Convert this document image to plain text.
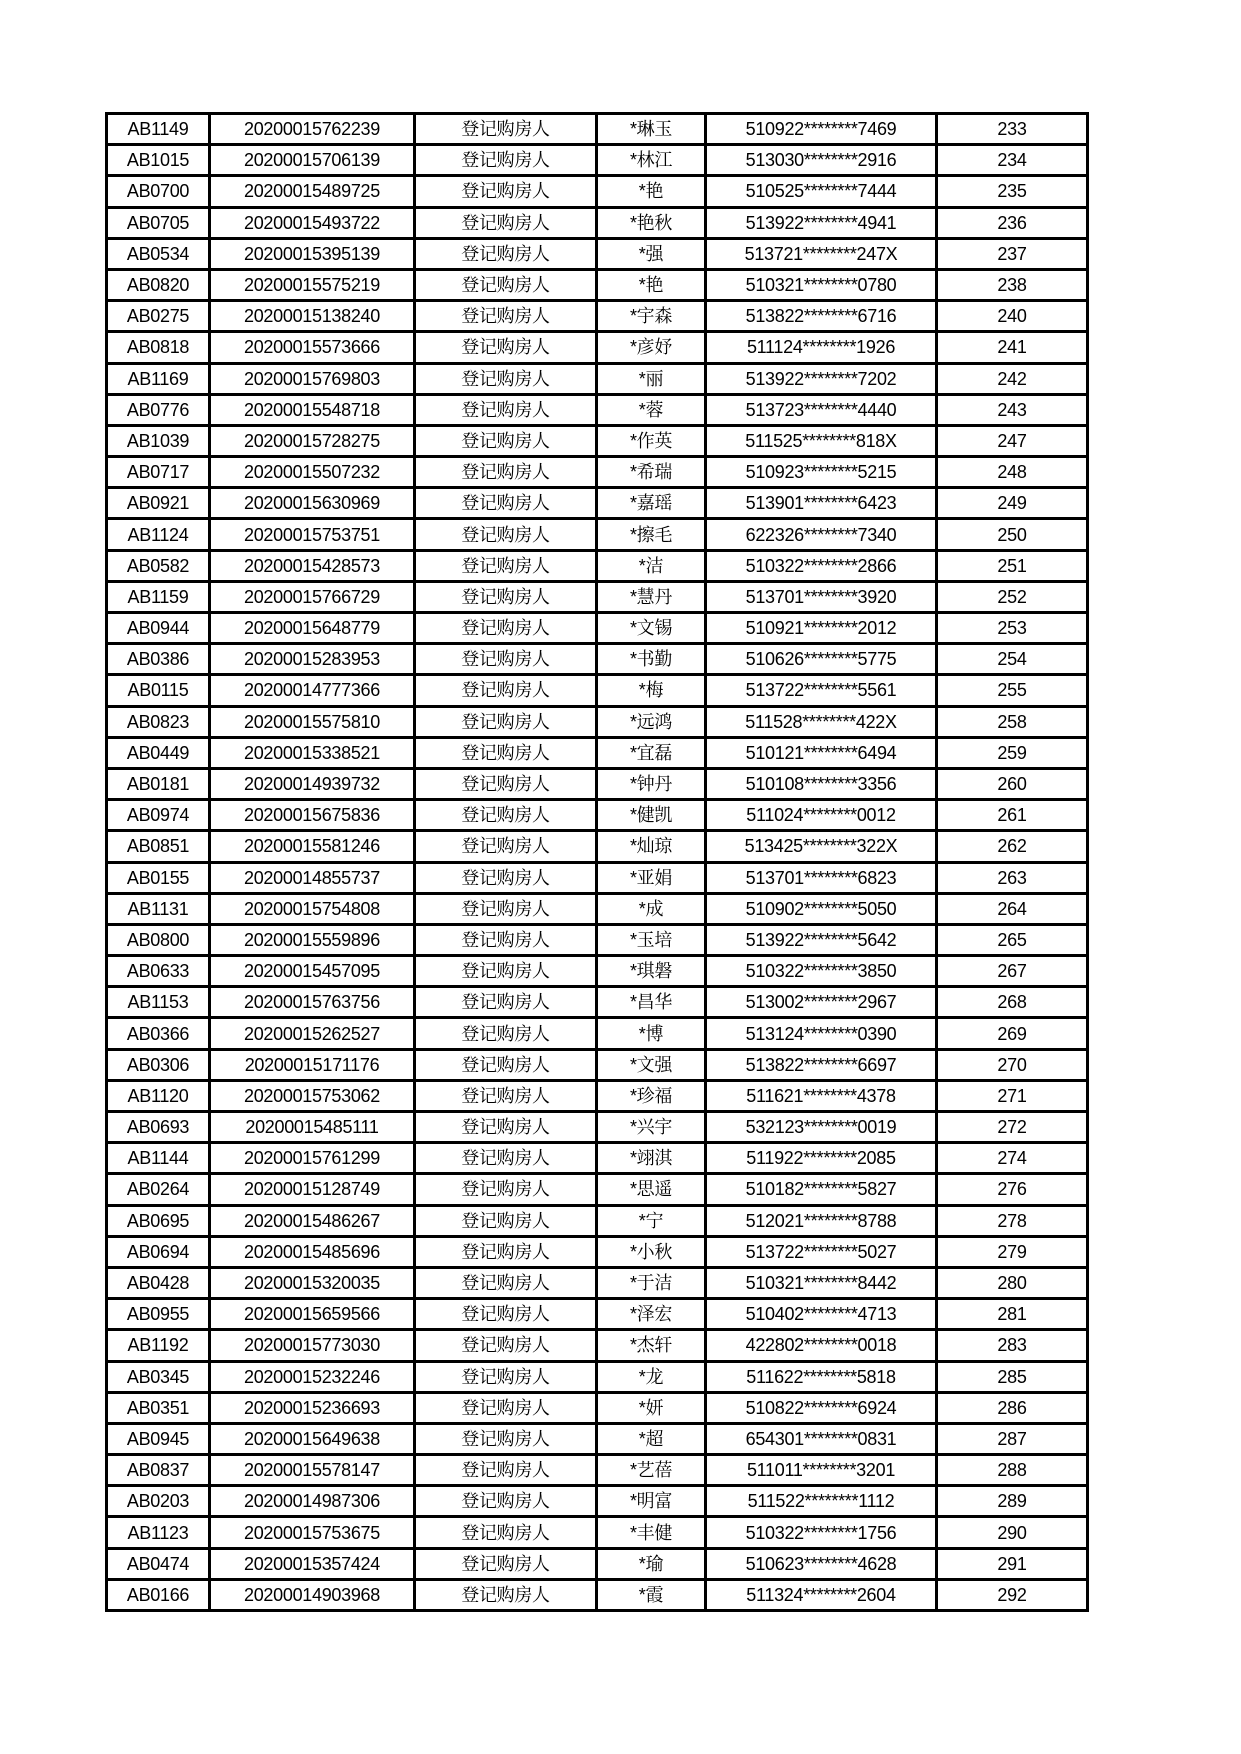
AB1149	20200015762239	登记购房人	*琳玉	510922********7469	233
AB1015	20200015706139	登记购房人	*林江	513030********2916	234
AB0700	20200015489725	登记购房人	*艳	510525********7444	235
AB0705	20200015493722	登记购房人	*艳秋	513922********4941	236
AB0534	20200015395139	登记购房人	*强	513721********247X	237
AB0820	20200015575219	登记购房人	*艳	510321********0780	238
AB0275	20200015138240	登记购房人	*宇森	513822********6716	240
AB0818	20200015573666	登记购房人	*彦妤	511124********1926	241
AB1169	20200015769803	登记购房人	*丽	513922********7202	242
AB0776	20200015548718	登记购房人	*蓉	513723********4440	243
AB1039	20200015728275	登记购房人	*作英	511525********818X	247
AB0717	20200015507232	登记购房人	*希瑞	510923********5215	248
AB0921	20200015630969	登记购房人	*嘉瑶	513901********6423	249
AB1124	20200015753751	登记购房人	*擦毛	622326********7340	250
AB0582	20200015428573	登记购房人	*洁	510322********2866	251
AB1159	20200015766729	登记购房人	*慧丹	513701********3920	252
AB0944	20200015648779	登记购房人	*文锡	510921********2012	253
AB0386	20200015283953	登记购房人	*书勤	510626********5775	254
AB0115	20200014777366	登记购房人	*梅	513722********5561	255
AB0823	20200015575810	登记购房人	*远鸿	511528********422X	258
AB0449	20200015338521	登记购房人	*宜磊	510121********6494	259
AB0181	20200014939732	登记购房人	*钟丹	510108********3356	260
AB0974	20200015675836	登记购房人	*健凯	511024********0012	261
AB0851	20200015581246	登记购房人	*灿琼	513425********322X	262
AB0155	20200014855737	登记购房人	*亚娟	513701********6823	263
AB1131	20200015754808	登记购房人	*成	510902********5050	264
AB0800	20200015559896	登记购房人	*玉培	513922********5642	265
AB0633	20200015457095	登记购房人	*琪磐	510322********3850	267
AB1153	20200015763756	登记购房人	*昌华	513002********2967	268
AB0366	20200015262527	登记购房人	*博	513124********0390	269
AB0306	20200015171176	登记购房人	*文强	513822********6697	270
AB1120	20200015753062	登记购房人	*珍福	511621********4378	271
AB0693	20200015485111	登记购房人	*兴宇	532123********0019	272
AB1144	20200015761299	登记购房人	*翊淇	511922********2085	274
AB0264	20200015128749	登记购房人	*思遥	510182********5827	276
AB0695	20200015486267	登记购房人	*宁	512021********8788	278
AB0694	20200015485696	登记购房人	*小秋	513722********5027	279
AB0428	20200015320035	登记购房人	*于洁	510321********8442	280
AB0955	20200015659566	登记购房人	*泽宏	510402********4713	281
AB1192	20200015773030	登记购房人	*杰轩	422802********0018	283
AB0345	20200015232246	登记购房人	*龙	511622********5818	285
AB0351	20200015236693	登记购房人	*妍	510822********6924	286
AB0945	20200015649638	登记购房人	*超	654301********0831	287
AB0837	20200015578147	登记购房人	*艺蓓	511011********3201	288
AB0203	20200014987306	登记购房人	*明富	511522********1112	289
AB1123	20200015753675	登记购房人	*丰健	510322********1756	290
AB0474	20200015357424	登记购房人	*瑜	510623********4628	291
AB0166	20200014903968	登记购房人	*霞	511324********2604	292
